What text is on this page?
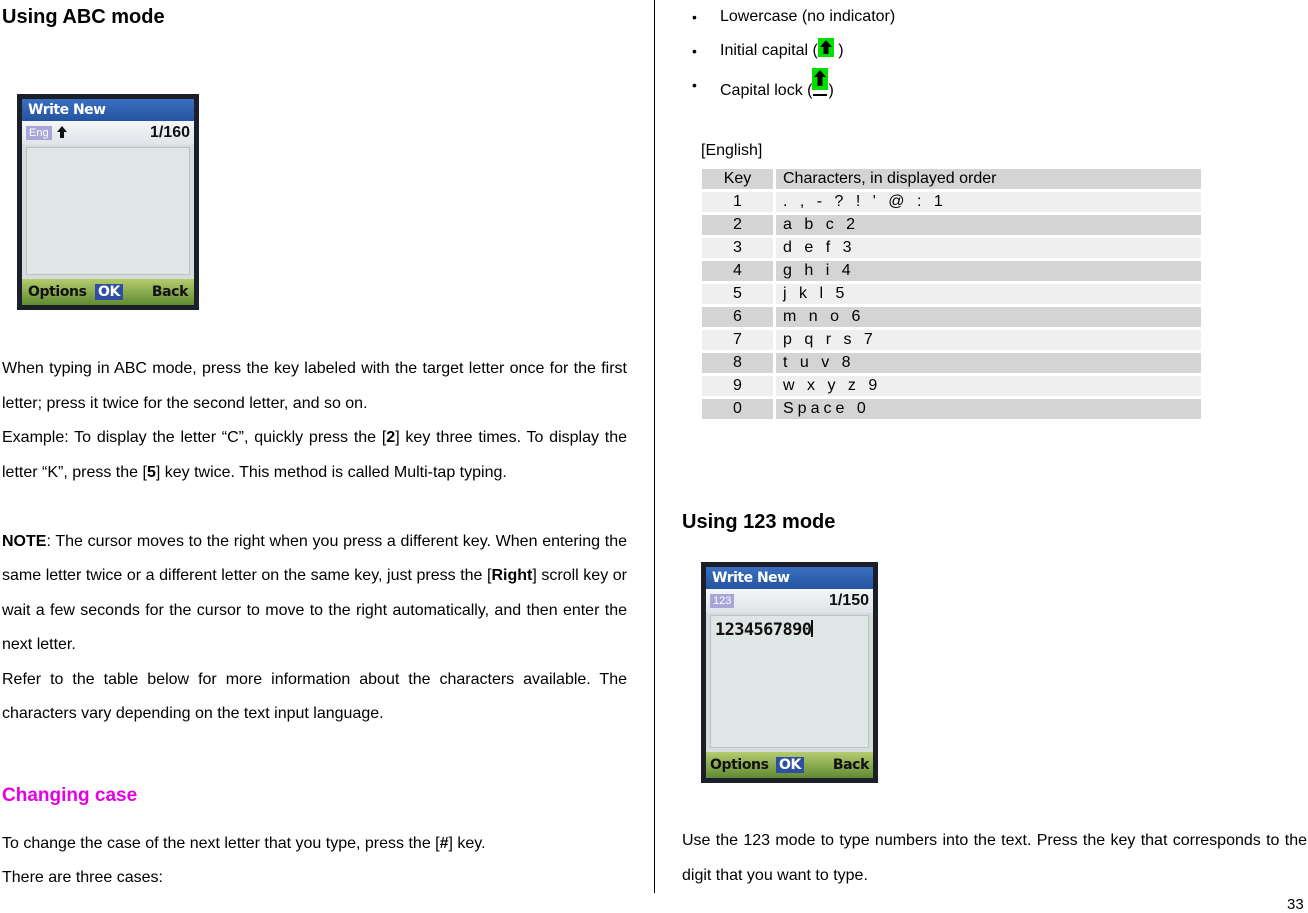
Using ABC mode
Write New
Eng	1/160
Options OK Back

When typing in ABC mode, press the key labeled with the target letter once for the first letter; press it twice for the second letter, and so on.

Example: To display the letter “C”, quickly press the [2] key three times. To display the letter “K”, press the [5] key twice. This method is called Multi-tap typing.

NOTE: The cursor moves to the right when you press a different key. When entering the same letter twice or a different letter on the same key, just press the [Right] scroll key or wait a few seconds for the cursor to move to the right automatically, and then enter the next letter.

Refer to the table below for more information about the characters available. The characters vary depending on the text input language.

Changing case
To change the case of the next letter that you type, press the [#] key.
There are three cases:
• Lowercase (no indicator)
• Initial capital (
)
• Capital lock ( )
[English]
Key	Characters, in displayed order
1	. , - ? ! ' @ : 1
2	a b c 2
3	d e f 3
4	g h i 4
5	j k l 5
6	m n o 6
7	p q r s 7
8	t u v 8
9	w x y z 9
0	Space 0
Using 123 mode
Write New
123	1/150
1234567890
Options OK Back
Use the 123 mode to type numbers into the text. Press the key that corresponds to the digit that you want to type.
33
